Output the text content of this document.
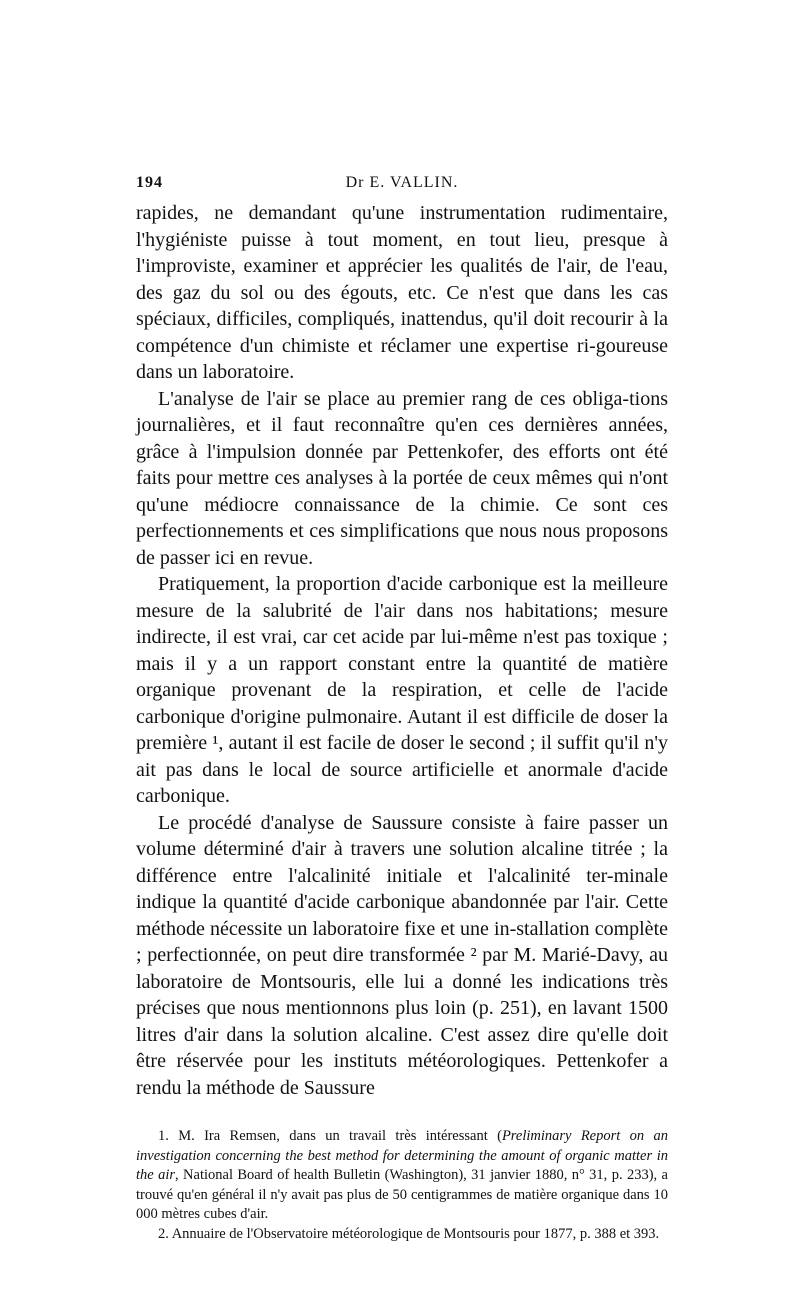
194	Dr E. VALLIN.

rapides, ne demandant qu'une instrumentation rudimentaire, l'hygiéniste puisse à tout moment, en tout lieu, presque à l'improviste, examiner et apprécier les qualités de l'air, de l'eau, des gaz du sol ou des égouts, etc. Ce n'est que dans les cas spéciaux, difficiles, compliqués, inattendus, qu'il doit recourir à la compétence d'un chimiste et réclamer une expertise ri-goureuse dans un laboratoire.

L'analyse de l'air se place au premier rang de ces obliga-tions journalières, et il faut reconnaître qu'en ces dernières années, grâce à l'impulsion donnée par Pettenkofer, des efforts ont été faits pour mettre ces analyses à la portée de ceux mêmes qui n'ont qu'une médiocre connaissance de la chimie. Ce sont ces perfectionnements et ces simplifications que nous nous proposons de passer ici en revue.

Pratiquement, la proportion d'acide carbonique est la meilleure mesure de la salubrité de l'air dans nos habitations; mesure indirecte, il est vrai, car cet acide par lui-même n'est pas toxique ; mais il y a un rapport constant entre la quantité de matière organique provenant de la respiration, et celle de l'acide carbonique d'origine pulmonaire. Autant il est difficile de doser la première ¹, autant il est facile de doser le second ; il suffit qu'il n'y ait pas dans le local de source artificielle et anormale d'acide carbonique.

Le procédé d'analyse de Saussure consiste à faire passer un volume déterminé d'air à travers une solution alcaline titrée ; la différence entre l'alcalinité initiale et l'alcalinité ter-minale indique la quantité d'acide carbonique abandonnée par l'air. Cette méthode nécessite un laboratoire fixe et une in-stallation complète ; perfectionnée, on peut dire transformée ² par M. Marié-Davy, au laboratoire de Montsouris, elle lui a donné les indications très précises que nous mentionnons plus loin (p. 251), en lavant 1500 litres d'air dans la solution alcaline. C'est assez dire qu'elle doit être réservée pour les instituts météorologiques. Pettenkofer a rendu la méthode de Saussure

1. M. Ira Remsen, dans un travail très intéressant (Preliminary Report on an investigation concerning the best method for determining the amount of organic matter in the air, National Board of health Bulletin (Washington), 31 janvier 1880, n° 31, p. 233), a trouvé qu'en général il n'y avait pas plus de 50 centigrammes de matière organique dans 10 000 mètres cubes d'air.

2. Annuaire de l'Observatoire météorologique de Montsouris pour 1877, p. 388 et 393.
